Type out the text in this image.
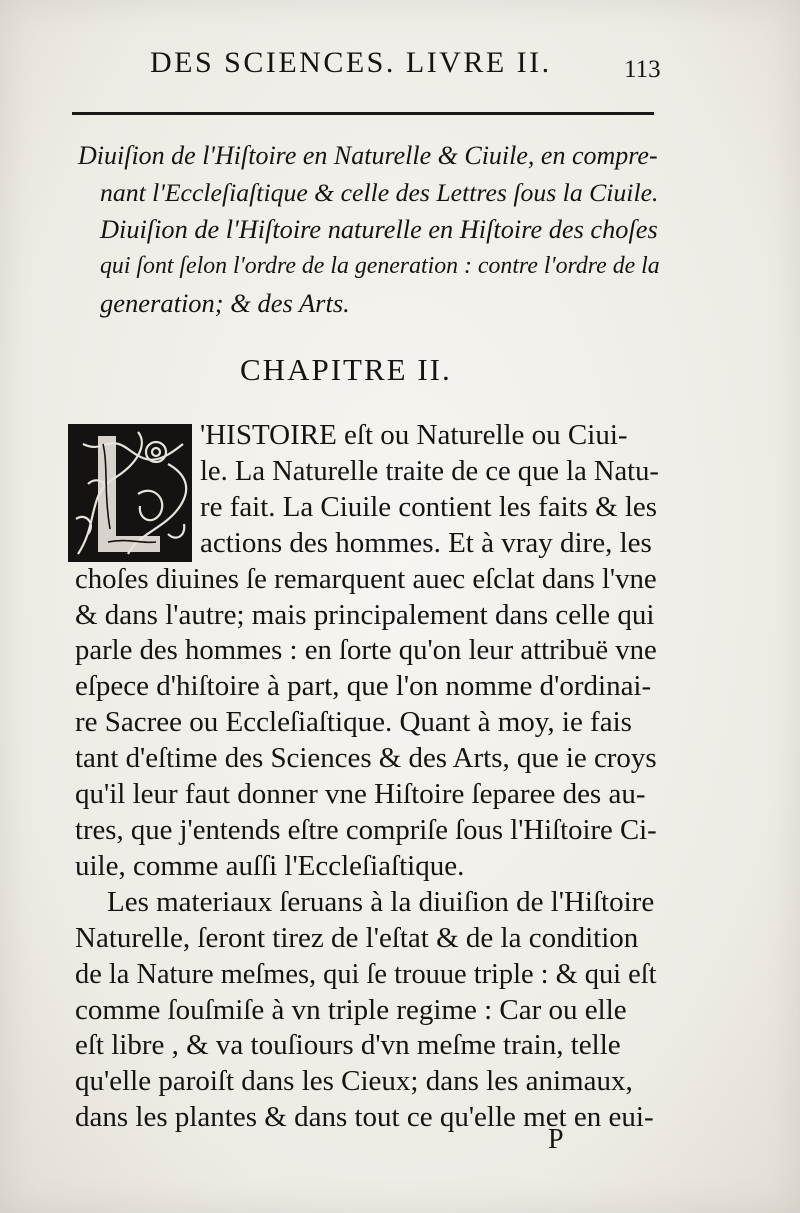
DES SCIENCES. LIVRE II.	113
Diuiſion de l'Hiſtoire en Naturelle & Ciuile, en compre-
nant l'Eccleſiaſtique & celle des Lettres ſous la Ciuile.
Diuiſion de l'Hiſtoire naturelle en Hiſtoire des choſes
qui ſont ſelon l'ordre de la generation : contre l'ordre de la
generation; & des Arts.
CHAPITRE II.
'HISTOIRE eſt ou Naturelle ou Ciui-
le. La Naturelle traite de ce que la Natu-
re fait. La Ciuile contient les faits & les
actions des hommes. Et à vray dire, les
choſes diuines ſe remarquent auec eſclat dans l'vne
& dans l'autre; mais principalement dans celle qui
parle des hommes : en ſorte qu'on leur attribuë vne
eſpece d'hiſtoire à part, que l'on nomme d'ordinai-
re Sacree ou Eccleſiaſtique. Quant à moy, ie fais
tant d'eſtime des Sciences & des Arts, que ie croys
qu'il leur faut donner vne Hiſtoire ſeparee des au-
tres, que j'entends eſtre compriſe ſous l'Hiſtoire Ci-
uile, comme auſſi l'Eccleſiaſtique.
Les materiaux ſeruans à la diuiſion de l'Hiſtoire
Naturelle, ſeront tirez de l'eſtat & de la condition
de la Nature meſmes, qui ſe trouue triple : & qui eſt
comme ſouſmiſe à vn triple regime : Car ou elle
eſt libre , & va touſiours d'vn meſme train, telle
qu'elle paroiſt dans les Cieux; dans les animaux,
dans les plantes & dans tout ce qu'elle met en eui-
P
